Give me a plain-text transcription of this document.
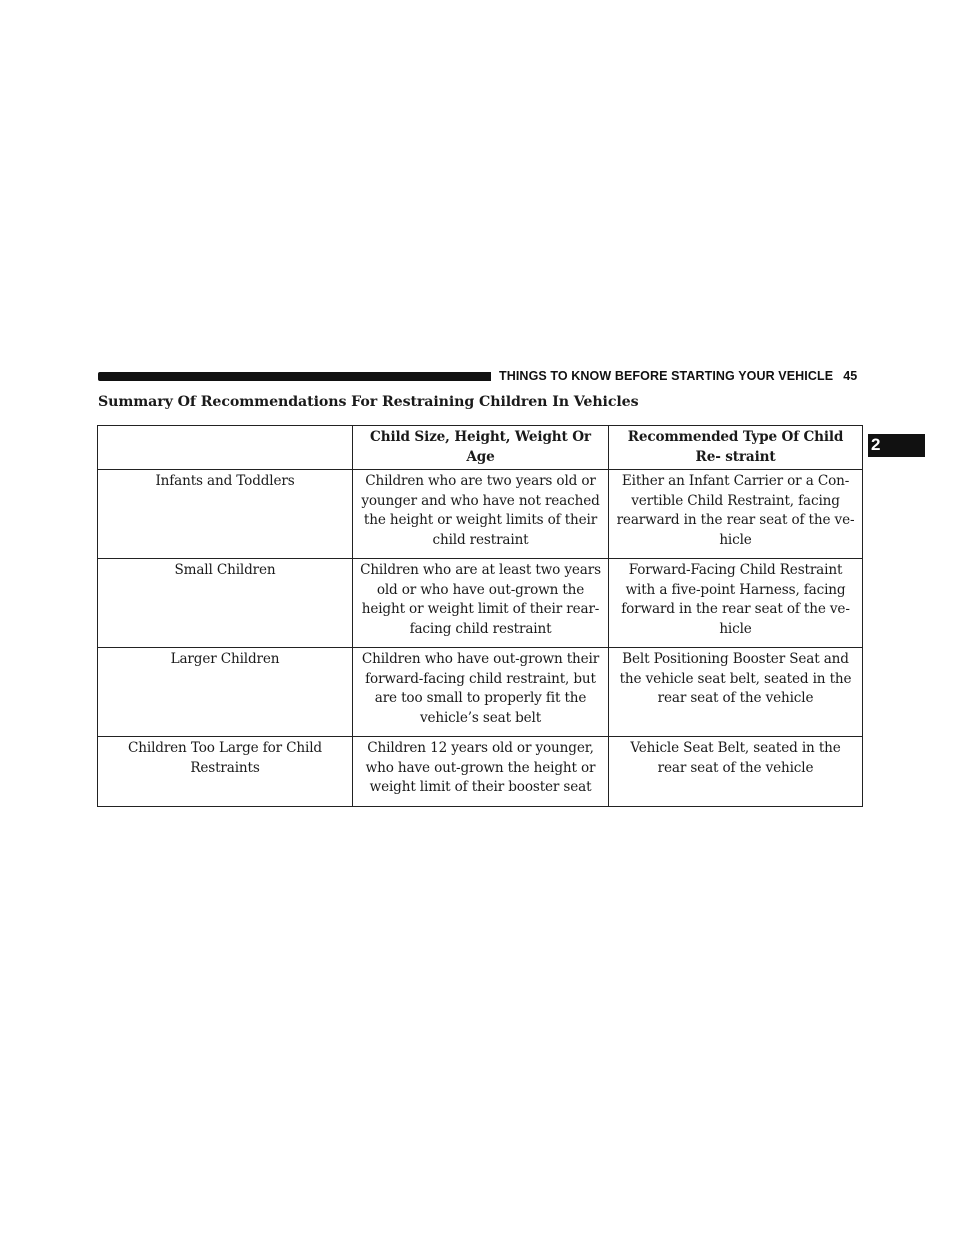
THINGS TO KNOW BEFORE STARTING YOUR VEHICLE 45
2
Summary Of Recommendations For Restraining Children In Vehicles
	Child Size, Height, Weight Or Age	Recommended Type Of Child Re- straint
Infants and Toddlers	Children who are two years old or younger and who have not reached the height or weight limits of their child restraint	Either an Infant Carrier or a Con- vertible Child Restraint, facing rearward in the rear seat of the ve- hicle
Small Children	Children who are at least two years old or who have out-grown the height or weight limit of their rear-facing child restraint	Forward-Facing Child Restraint with a five-point Harness, facing forward in the rear seat of the ve- hicle
Larger Children	Children who have out-grown their forward-facing child restraint, but are too small to properly fit the vehicle’s seat belt	Belt Positioning Booster Seat and the vehicle seat belt, seated in the rear seat of the vehicle
Children Too Large for Child Restraints	Children 12 years old or younger, who have out-grown the height or weight limit of their booster seat	Vehicle Seat Belt, seated in the rear seat of the vehicle
